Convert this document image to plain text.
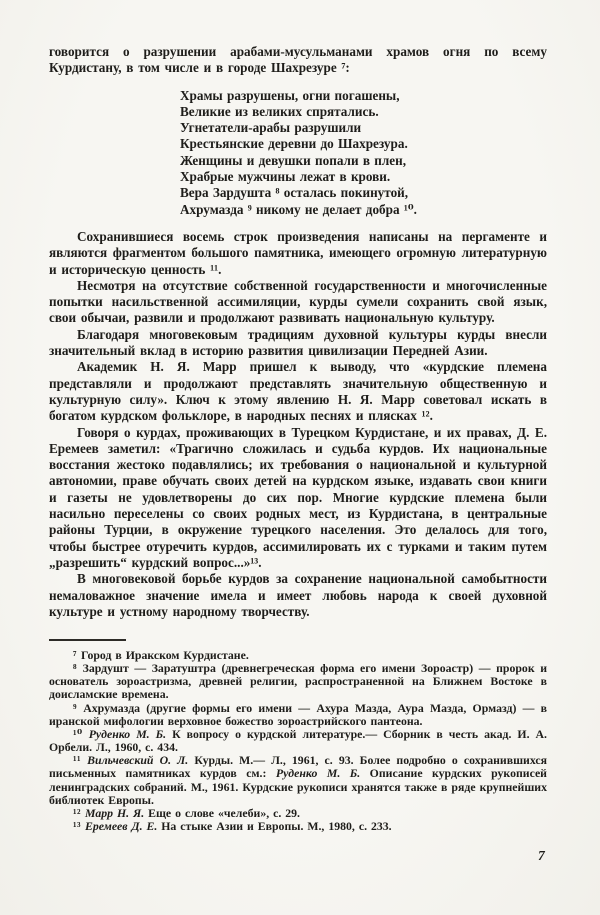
говорится о разрушении арабами-мусульманами храмов огня по всему Курдистану, в том числе и в городе Шахрезуре ⁷:

Храмы разрушены, огни погашены,
Великие из великих спрятались.
Угнетатели-арабы разрушили
Крестьянские деревни до Шахрезура.
Женщины и девушки попали в плен,
Храбрые мужчины лежат в крови.
Вера Зардушта ⁸ осталась покинутой,
Ахрумазда ⁹ никому не делает добра ¹⁰.

Сохранившиеся восемь строк произведения написаны на пергаменте и являются фрагментом большого памятника, имеющего огромную литературную и историческую ценность ¹¹.

Несмотря на отсутствие собственной государственности и многочисленные попытки насильственной ассимиляции, курды сумели сохранить свой язык, свои обычаи, развили и продолжают развивать национальную культуру.

Благодаря многовековым традициям духовной культуры курды внесли значительный вклад в историю развития цивилизации Передней Азии.

Академик Н. Я. Марр пришел к выводу, что «курдские племена представляли и продолжают представлять значительную общественную и культурную силу». Ключ к этому явлению Н. Я. Марр советовал искать в богатом курдском фольклоре, в народных песнях и плясках ¹².

Говоря о курдах, проживающих в Турецком Курдистане, и их правах, Д. Е. Еремеев заметил: «Трагично сложилась и судьба курдов. Их национальные восстания жестоко подавлялись; их требования о национальной и культурной автономии, праве обучать своих детей на курдском языке, издавать свои книги и газеты не удовлетворены до сих пор. Многие курдские племена были насильно переселены со своих родных мест, из Курдистана, в центральные районы Турции, в окружение турецкого населения. Это делалось для того, чтобы быстрее отуречить курдов, ассимилировать их с турками и таким путем „разрешить“ курдский вопрос...»¹³.

В многовековой борьбе курдов за сохранение национальной самобытности немаловажное значение имела и имеет любовь народа к своей духовной культуре и устному народному творчеству.

⁷ Город в Иракском Курдистане.

⁸ Зардушт — Заратуштра (древнегреческая форма его имени Зороастр) — пророк и основатель зороастризма, древней религии, распространенной на Ближнем Востоке в доисламские времена.

⁹ Ахрумазда (другие формы его имени — Ахура Мазда, Аура Мазда, Ормазд) — в иранской мифологии верховное божество зороастрийского пантеона.

¹⁰ Руденко М. Б. К вопросу о курдской литературе.— Сборник в честь акад. И. А. Орбели. Л., 1960, с. 434.

¹¹ Вильчевский О. Л. Курды. М.— Л., 1961, с. 93. Более подробно о сохранившихся письменных памятниках курдов см.: Руденко М. Б. Описание курдских рукописей ленинградских собраний. М., 1961. Курдские рукописи хранятся также в ряде крупнейших библиотек Европы.

¹² Марр Н. Я. Еще о слове «челеби», с. 29.

¹³ Еремеев Д. Е. На стыке Азии и Европы. М., 1980, с. 233.

7
